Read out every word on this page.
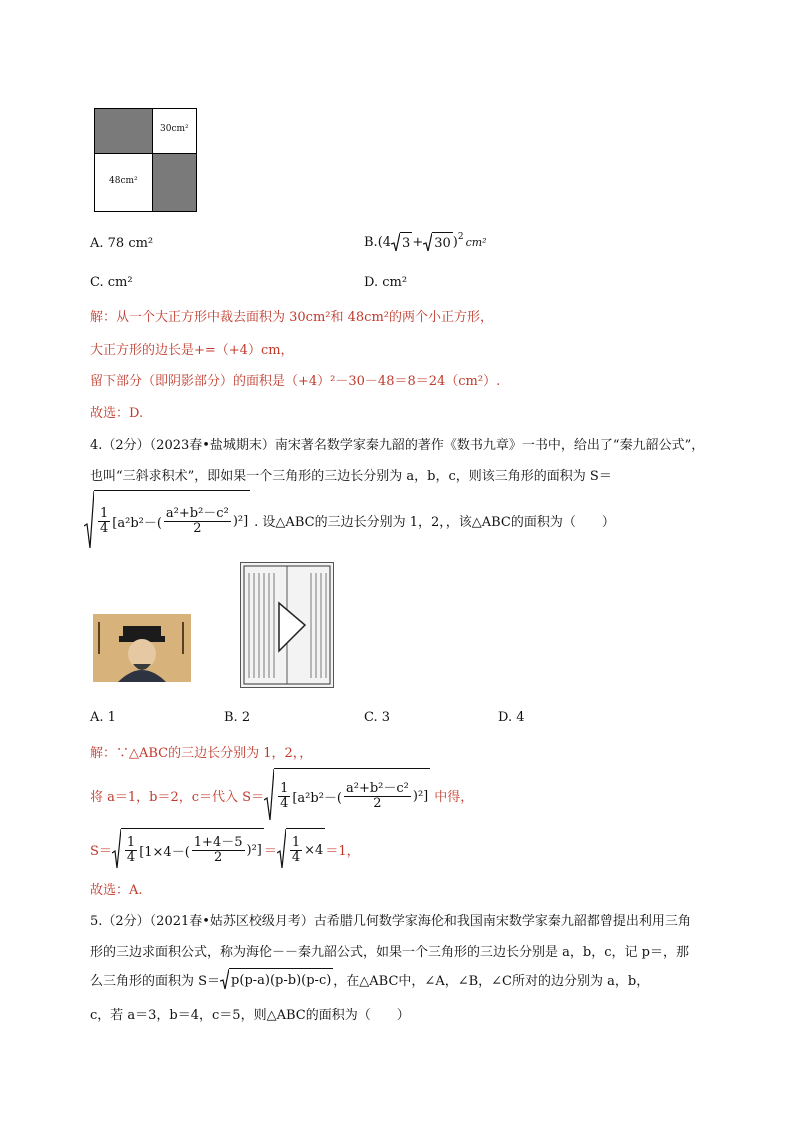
30cm²
48cm²
A. 78 cm²	B. (4 3 + 30 )$^2$ cm²
C. cm²	D. cm²
解：从一个大正方形中裁去面积为 30cm²和 48cm²的两个小正方形，
大正方形的边长是+=（+4）cm，
留下部分（即阴影部分）的面积是（+4）²－30－48＝8＝24（cm²）.
故选：D.
4.（2分）（2023春•盐城期末）南宋著名数学家秦九韶的著作《数书九章》一书中，给出了“秦九韶公式”，
也叫“三斜求积术”，即如果一个三角形的三边长分别为 a，b，c，则该三角形的面积为 S＝
$\frac{1}{4} [a^2b^2-( \frac{\text{a²+b²－c²}}{2} )^2]$ . 设△ABC的三边长分别为 1，2，，该△ABC的面积为（　　）
A. 1	B. 2	C. 3	D. 4
解：∵△ABC的三边长分别为 1，2，，
将 a＝1，b＝2，c＝代入 $S= \frac{1}{4} [a^2b^2-( \frac{\text{a²+b²－c²}}{2} )^2]$ 中得，
$S= \frac{1}{4} [1\times 4-( \frac{1+4-5}{2} )^2] = \frac{1}{4} \times 4 =1$，
故选：A.
5.（2分）（2021春•姑苏区校级月考）古希腊几何数学家海伦和我国南宋数学家秦九韶都曾提出利用三角
形的三边求面积公式，称为海伦－－秦九韶公式，如果一个三角形的三边长分别是 a，b，c，记 p＝，那
么三角形的面积为 S＝ p(p-a)(p-b)(p-c) ，在△ABC中，∠A，∠B，∠C所对的边分别为 a，b，
c，若 a＝3，b＝4，c＝5，则△ABC的面积为（　　）
